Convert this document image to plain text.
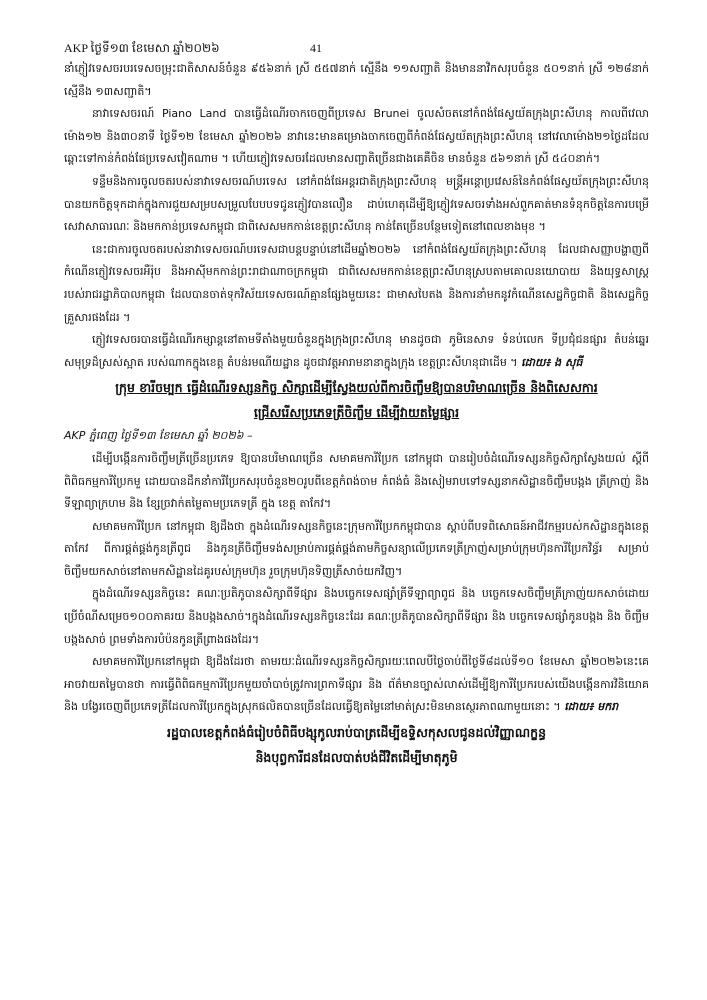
AKP ថ្ងៃទី១៣ ខែមេសា ឆ្នាំ២០២៦	41

នាំភ្ញៀវទេសចរបរទេសចម្រុះជាតិសាសន៍ចំនួន ៩៥៦នាក់ ស្រី ៥៥៧នាក់ ស្មើនឹង ១១សញ្ជាតិ និងមាននាវិកសរុបចំនួន ៥០១នាក់ ស្រី ១២៨នាក់ ស្មើនឹង ១៣សញ្ជាតិ។

នាវាទេសចរណ៍ Piano Land បានធ្វើដំណើរចាកចេញពីប្រទេស Brunei ចូលសំចតនៅកំពង់ផែស្វយ័តក្រុងព្រះសីហនុ កាលពីវេលាម៉ោង១២ និង៣០នាទី ថ្ងៃទី១២ ខែមេសា ឆ្នាំ២០២៦ នាវានេះមានគម្រោងចាកចេញពីកំពង់ផែស្វយ័តក្រុងព្រះសីហនុ នៅវេលាម៉ោង២១ថ្ងៃដដែល ឆ្ពោះទៅកាន់កំពង់ផែប្រទេសវៀតណាម ។ ហើយភ្ញៀវទេសចរដែលមានសញ្ជាតិច្រើនជាងគេគឺចិន មានចំនួន ៥៦១នាក់ ស្រី ៥៤០នាក់។

ទន្ទឹមនិងការចូលចតរបស់នាវាទេសចរណ៍បរទេស នៅកំពង់ផែអន្តរជាតិក្រុងព្រះសីហនុ មន្ត្រីអន្តោប្រវេសន៍នៃកំពង់ផែស្វយ័តក្រុងព្រះសីហនុ បានយកចិត្តទុកដាក់ក្នុងការជួយសម្របសម្រួលបែបបទជូនភ្ញៀវបានលឿន ដាប់ហេតុដើម្បីឱ្យភ្ញៀវទេសចរទាំងអស់ពួកគាត់មានទំនុកចិត្តនៃការបម្រើសេវាសាធារណៈ និងមកកាន់ប្រទេសកម្ពុជា ជាពិសេសមកកាន់ខេត្តព្រះសីហនុ កាន់តែច្រើនបន្ថែមទៀតនៅពេលខាងមុខ ។

នេះជាការចូលចតរបស់នាវាទេសចរណ៍បរទេសជាបន្តបន្ទាប់នៅដើមឆ្នាំ២០២៦ នៅកំពង់ផែស្វយ័តក្រុងព្រះសីហនុ ដែលជាសញ្ញាបង្ហាញពីកំណើនភ្ញៀវទេសចរអឺរ៉ុប និងអាស៊ីមកកាន់ព្រះរាជាណាចក្រកម្ពុជា ជាពិសេសមកកាន់ខេត្តព្រះសីហនុស្របតាមគោលនយោបាយ និងយុទ្ធសាស្ត្ររបស់រាជរដ្ឋាភិបាលកម្ពុជា ដែលបានចាត់ទុកវិស័យទេសចរណ៍គ្មានផ្សែងមួយនេះ ជាមាសបៃតង និងការនាំមកនូវកំណើនសេដ្ឋកិច្ចជាតិ និងសេដ្ឋកិច្ចគ្រួសារផងដែរ ។

ភ្ញៀវទេសចរបានធ្វើដំណើរកម្សាន្តនៅតាមទីតាំងមួយចំនួនក្នុងក្រុងព្រះសីហនុ មានដូចជា ភូមិនេសាទ ទំនប់លេក ទីប្រជុំជនផ្សារ តំបន់ឆ្នេរសមុទ្រដ៏ស្រស់ស្អាត របស់ណាកក្នុងខេត្ត តំបន់រមណីយដ្ឋាន ដូចជាវត្តអារាមនានាក្នុងក្រុង ខេត្តព្រះសីហនុជាដើម ។ ដោយ៖ ង សុធី

ក្រុម ខារីចម្បក ធ្វើដំណើរទស្សនកិច្ច សិក្សាដើម្បីស្វែងយល់ពីការចិញ្ចឹមឱ្យបានបរិមាណច្រើន និងពិសេសការ
ជ្រើសរើសប្រភេទត្រីចិញ្ចឹម ដើម្បីវាយតម្លៃផ្សារ

AKP ភ្នំពេញ ថ្ងៃទី១៣ ខែមេសា ឆ្នាំ ២០២៦ –

ដើម្បីបង្កើនការចិញ្ចឹមត្រីច្រើនប្រភេទ ឱ្យបានបរិមាណច្រើន សមាគមការីប្រែក នៅកម្ពុជា បានរៀបចំដំណើរទស្សនកិច្ចសិក្សាស្វែងយល់ ស្តីពី ពិពិធកម្មការីប្រែកមួ ដោយបានដឹកនាំការីប្រែកសរុបចំនួន២០រូបពីខេត្តកំពង់ចាម កំពង់ធំ និងសៀមរាបទៅទស្សនាកសិដ្ឋានចិញ្ចឹមបង្កង ត្រីក្រាញ់ និង ទីឡាព្យាក្រហម និង ខ្សែច្រវាក់តម្លៃតាមប្រភេទត្រី ក្នុង ខេត្ត តាកែវ។

សមាគមការីប្រែក នៅកម្ពុជា ឱ្យដឹងថា ក្នុងដំណើរទស្សនកិច្ចនេះក្រុមការីប្រែកកម្ពុជាបាន ស្តាប់ពីបទពិសោធន៍អាជីវកម្មរបស់កសិដ្ឋានក្នុងខេត្តតាកែវ ពីការផ្គត់ផ្គង់កូនត្រីពូជ និងកូនត្រីចិញ្ចឹមទង់សម្រាប់ការផ្គត់ផ្គង់តាមកិច្ចសន្យាលើប្រភេទត្រីក្រាញ់សម្រាប់ក្រុមហ៊ុនការីប្រែកវិន្ធ័រ សម្រាប់ចិញ្ចឹមយកសាច់នៅតាមកសិដ្ឋានដៃគូរបស់ក្រុមហ៊ុន រួចក្រុមហ៊ុនទិញត្រីសាច់យកវិញ។

ក្នុងដំណើរទស្សនកិច្ចនេះ គណៈប្រតិភូបានសិក្សាពីទីផ្សារ និងបច្ចេកទេសផ្សាំត្រីទីឡាព្យាពូជ និង បច្ចេកទេសចិញ្ចឹមត្រីក្រាញ់យកសាច់ដោយប្រើចំណីសម្រេច១០០ភាគរយ និងបង្កងសាច់។ក្នុងដំណើរទស្សនកិច្ចនេះដែរ គណៈប្រតិភូបានសិក្សាពីទីផ្សារ និង បច្ចេកទេសផ្សាំកូនបង្កង និង ចិញ្ចឹមបង្កងសាច់ ព្រមទាំងការបំប៉នកូនត្រីព្រាងផងដែរ។

សមាគមការីប្រែកនៅកម្ពុជា ឱ្យដឹងដែរថា តាមរយៈដំណើរទស្សនកិច្ចសិក្សារយៈពេលបីថ្ងៃចាប់ពីថ្ងៃទី៨ដល់ទី១០ ខែមេសា ឆ្នាំ២០២៦នេះគេអាចវាយតម្លៃបានថា ការធ្វើពិពិធកម្មការីប្រែកមួយចាំបាច់ត្រូវការព្រកាទីផ្សារ និង ព័ត៌មានច្បាស់លាស់ដើម្បីឱ្យការីប្រែករបស់យើងបង្កើនការវិនិយោគ និង បង្វែរចេញពីប្រភេទត្រីដែលការីប្រែកក្នុងស្រុកផលិតបានច្រើនដែលធ្វើឱ្យតម្លៃនៅមាត់ស្រះមិនមានស្ថេរភាពណាមួយនោះ ។ ដោយ៖ មករា

រដ្ឋបាលខេត្តកំពង់ធំរៀបចំពិធីបង្សុកូលរាប់បាត្រដើម្បីឧទ្ទិសកុសលជូនដល់វិញ្ញាណក្ខន្ធ
និងបុព្វការីជនដែលបាត់បង់ជីវិតដើម្បីមាតុភូមិ
